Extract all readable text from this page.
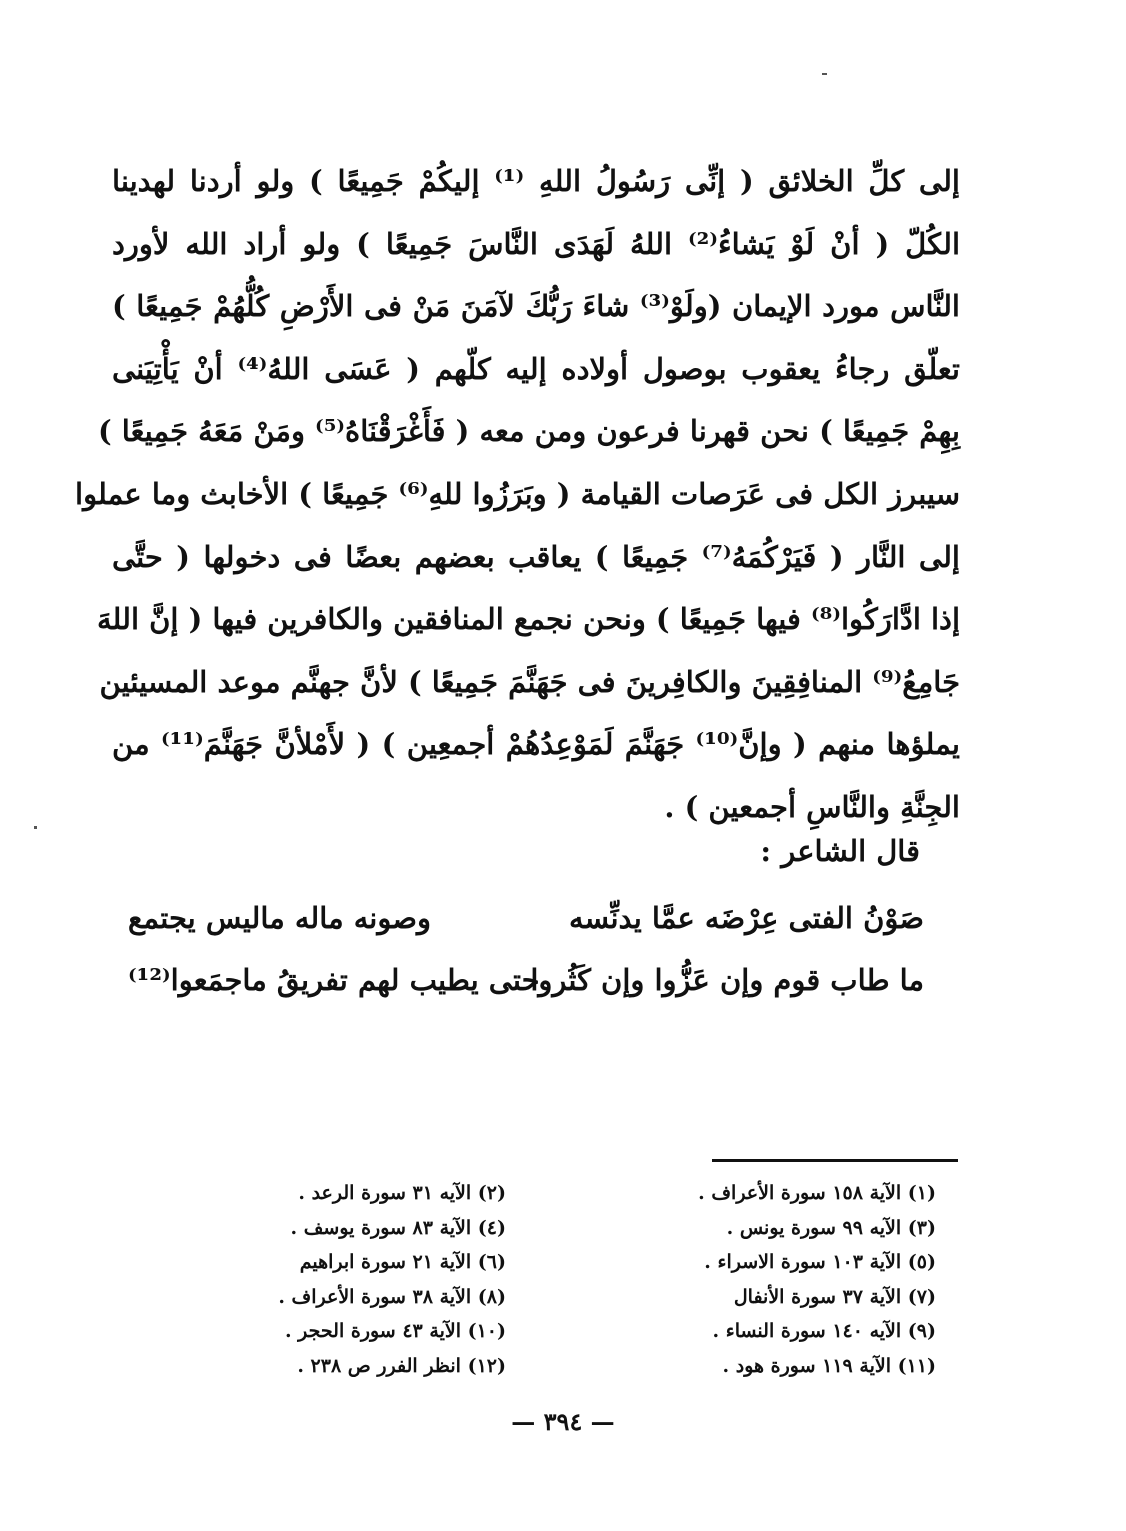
إلى كلِّ الخلائق ( إنِّى رَسُولُ اللهِ ⁽¹⁾ إليكُمْ جَمِيعًا ) ولو أردنا لهدينا
الكُلّ ( أنْ لَوْ يَشاءُ⁽²⁾ اللهُ لَهَدَى النَّاسَ جَمِيعًا ) ولو أراد الله لأورد
النَّاس مورد الإيمان (ولَوْ⁽³⁾ شاءَ رَبُّكَ لآمَنَ مَنْ فى الأَرْضِ كُلُّهُمْ جَمِيعًا )
تعلّق رجاءُ يعقوب بوصول أولاده إليه كلّهم ( عَسَى اللهُ⁽⁴⁾ أنْ يَأْتِيَنى
بِهِمْ جَمِيعًا ) نحن قهرنا فرعون ومن معه ( فَأَغْرَقْنَاهُ⁽⁵⁾ ومَنْ مَعَهُ جَمِيعًا )
سيبرز الكل فى عَرَصات القيامة ( وبَرَزُوا للهِ⁽⁶⁾ جَمِيعًا ) الأخابث وما عملوا
إلى النَّار ( فَيَرْكُمَهُ⁽⁷⁾ جَمِيعًا ) يعاقب بعضهم بعضًا فى دخولها ( حتَّى
إذا ادَّارَكُوا⁽⁸⁾ فيها جَمِيعًا ) ونحن نجمع المنافقين والكافرين فيها ( إنَّ اللهَ
جَامِعُ⁽⁹⁾ المنافِقِينَ والكافِرينَ فى جَهَنَّمَ جَمِيعًا ) لأنَّ جهنَّم موعد المسيئين
يملؤها منهم ( وإنَّ⁽¹⁰⁾ جَهَنَّمَ لَمَوْعِدُهُمْ أجمعِين ) ( لأَمْلأنَّ جَهَنَّمَ⁽¹¹⁾ من
الجِنَّةِ والنَّاسِ أجمعين ) .
قال الشاعر :
صَوْنُ الفتى عِرْضَه عمَّا يدنِّسه
وصونه ماله ماليس يجتمع
ما طاب قوم وإن عَزُّوا وإن كَثُروا
حتى يطيب لهم تفريقُ ماجمَعوا⁽¹²⁾
(١) الآية ١٥٨ سورة الأعراف .
(٣) الآيه ٩٩ سورة يونس .
(٥) الآية ١٠٣ سورة الاسراء .
(٧) الآية ٣٧ سورة الأنفال
(٩) الآيه ١٤٠ سورة النساء .
(١١) الآية ١١٩ سورة هود .
(٢) الآيه ٣١ سورة الرعد .
(٤) الآية ٨٣ سورة يوسف .
(٦) الآية ٢١ سورة ابراهيم
(٨) الآية ٣٨ سورة الأعراف .
(١٠) الآية ٤٣ سورة الحجر .
(١٢) انظر الفرر ص ٢٣٨ .
— ٣٩٤ —
